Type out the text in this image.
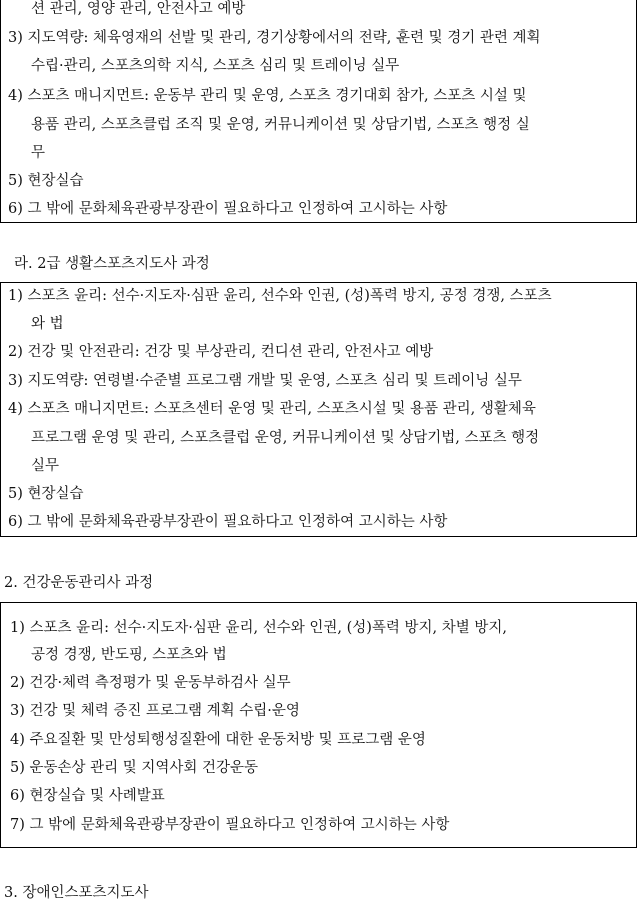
션 관리, 영양 관리, 안전사고 예방
3) 지도역량: 체육영재의 선발 및 관리, 경기상황에서의 전략, 훈련 및 경기 관련 계획
수립·관리, 스포츠의학 지식, 스포츠 심리 및 트레이닝 실무
4) 스포츠 매니지먼트: 운동부 관리 및 운영, 스포츠 경기대회 참가, 스포츠 시설 및
용품 관리, 스포츠클럽 조직 및 운영, 커뮤니케이션 및 상담기법, 스포츠 행정 실
무
5) 현장실습
6) 그 밖에 문화체육관광부장관이 필요하다고 인정하여 고시하는 사항
라. 2급 생활스포츠지도사 과정
1) 스포츠 윤리: 선수·지도자·심판 윤리, 선수와 인권, (성)폭력 방지, 공정 경쟁, 스포츠
와 법
2) 건강 및 안전관리: 건강 및 부상관리, 컨디션 관리, 안전사고 예방
3) 지도역량: 연령별·수준별 프로그램 개발 및 운영, 스포츠 심리 및 트레이닝 실무
4) 스포츠 매니지먼트: 스포츠센터 운영 및 관리, 스포츠시설 및 용품 관리, 생활체육
프로그램 운영 및 관리, 스포츠클럽 운영, 커뮤니케이션 및 상담기법, 스포츠 행정
실무
5) 현장실습
6) 그 밖에 문화체육관광부장관이 필요하다고 인정하여 고시하는 사항
2. 건강운동관리사 과정
1) 스포츠 윤리: 선수·지도자·심판 윤리, 선수와 인권, (성)폭력 방지, 차별 방지,
공정 경쟁, 반도핑, 스포츠와 법
2) 건강·체력 측정평가 및 운동부하검사 실무
3) 건강 및 체력 증진 프로그램 계획 수립·운영
4) 주요질환 및 만성퇴행성질환에 대한 운동처방 및 프로그램 운영
5) 운동손상 관리 및 지역사회 건강운동
6) 현장실습 및 사례발표
7) 그 밖에 문화체육관광부장관이 필요하다고 인정하여 고시하는 사항
3. 장애인스포츠지도사
